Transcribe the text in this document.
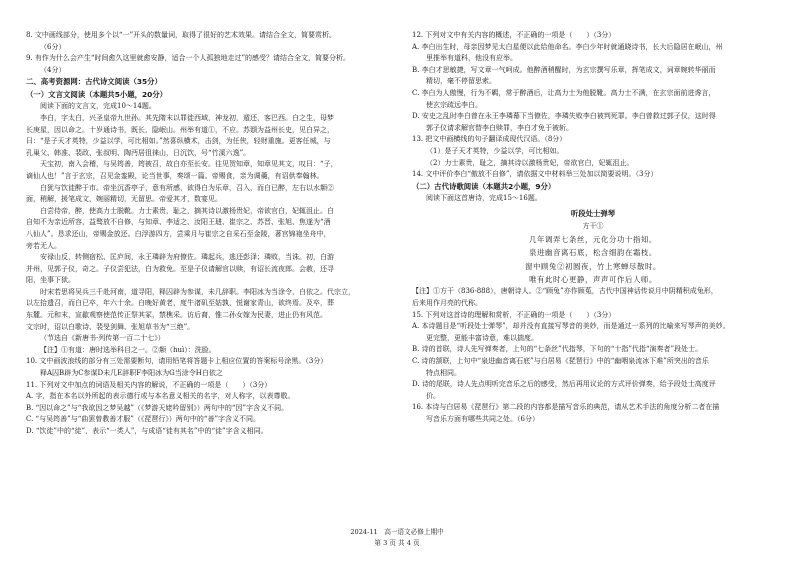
8. 文中画线部分，使用多个以“一”开头的数量词，取得了很好的艺术效果。请结合全文，简要赏析。

（6分）

9. 有作为什么会产生“时间愈久这里就愈安静，适合一个人孤独地走过”的感受？请结合全文，简要分析。

（4分）

二、高考资源网：古代诗文阅读（35分）

（一）文言文阅读（本题共5小题，20分）

阅读下面的文言文，完成10～14题。

李白，字太白，兴圣皇帝九世孙。其先隋末以罪徙西域，神龙初，遁还，客巴西。白之生，母梦

长庚星，因以命之。十岁通诗书，既长，隐岷山。州举有道①，不应。苏颋为益州长史，见白异之，

曰：“是子天才英特，少益以学，可比相如。”然喜纵横术，击剑，为任侠，轻财重施。更客任城，与

孔巢父、韩准、裴政、张叔明、陶沔居徂徕山，日沉饮，号“竹溪六逸”。

天宝初，南入会稽，与吴筠善，筠被召，故白亦至长安。往见贺知章，知章见其文，叹曰：“子，

谪仙人也！”言于玄宗，召见金銮殿，论当世事，奏颂一篇。帝赐食，亲为调羹，有诏供奉翰林。

白犹与饮徒醉于市。帝坐沉香亭子，意有所感，欲得白为乐章，召入，而白已醉，左右以水颒②

面，稍解，援笔成文，婉丽精切，无留思。帝爱其才，数宴见。

白尝侍帝，醉，使高力士脱靴。力士素贵，耻之，摘其诗以激杨贵妃，帝欲官白，妃辄沮止。白

自知不为亲近所容，益骜放不自修，与知章、李适之、汝阳王琎、崔宗之、苏晋、张旭、焦遂为“酒

八仙人”。恳求还山，帝赐金放还。白浮游四方，尝乘月与崔宗之自采石至金陵，著宫锦袍坐舟中，

旁若无人。

安禄山反，转侧宿松、匡庐间，永王璘辟为府僚佐。璘起兵，逃还彭泽；璘败，当诛。初，白游

并州，见郭子仪，奇之。子仪尝犯法，白为救免。至是子仪请解官以赎，有诏长流夜郎。会赦，还寻

阳，坐事下狱。

时宋若思将吴兵三千赴河南，道寻阳，释囚辟为参谋，未几辞职。李阳冰为当涂令，白依之。代宗立，

以左拾遗召，而白已卒，年六十余。白晚好黄老，度牛渚矶至姑孰，悦谢家青山，欲终焉。及卒，葬

东麓。元和末，宣歙观察使范传正祭其冢，禁樵采。访后裔，惟二孙女嫁为民妻，进止仍有风范。

文宗时，诏以白歌诗、裴旻剑舞、张旭草书为“三绝”。

（节选自《新唐书·列传第一百二十七》）

【注】①有道：唐时选举科目之一。②颒（huì）：洗脸。

10. 文中画波浪线的部分有三处需要断句，请用铅笔将答题卡上相应位置的答案标号涂黑。（3分）

释A囚B辟为C参谋D未几E辞职F李阳冰为G当涂令H白依之

11. 下列对文中加点的词语及相关内容的解说，不正确的一项是（　　）（3分）

A. 字，指在本名以外所起的表示德行或与本名意义相关的名字，对人称字，以表尊敬。

B. “因以命之”与“我欲因之梦吴越”（《梦游天姥吟留别》）两句中的“因”字含义不同。

C. “与吴筠善”与“曲罢曾教善才服”（《琵琶行》）两句中的“善”字含义不同。

D. “饮徒”中的“徒”，表示“一类人”，与成语“徒有其名”中的“徒”字含义相同。

12. 下列对文中有关内容的概述，不正确的一项是（　　）（3分）

A. 李白出生时，母亲因梦见太白星便以此给他命名。李白少年时就通晓诗书，长大后隐居在岷山，州

里推举有道科，他没有应举。

B. 李白才思敏捷，写文章一气呵成。他醉酒稍醒时，为玄宗撰写乐章，挥笔成文，词章婉转华丽而

精切，毫不停留思索。

C. 李白为人傲慢，行为不羁，常于醉酒后，让高力士为他脱靴。高力士不满，在玄宗面前进谗言，

使玄宗疏远李白。

D. 安史之乱时李白曾在永王李璘幕下当僚佐，李璘失败李白被判死罪。李白曾救过郭子仪，这时得

郭子仪请求解官替李白赎罪，李白才免于被斩。

13. 把文中画横线的句子翻译成现代汉语。（8分）

（1）是子天才英特，少益以学，可比相如。

（2）力士素贵，耻之，摘其诗以激杨贵妃，帝欲官白，妃辄沮止。

14. 文中评价李白“傲放不自修”，请依据文中材料举三处加以简要说明。（3分）

（二）古代诗歌阅读（本题共2小题，9分）

阅读下面这首唐诗，完成15～16题。

听段处士弹琴

方干①

几年调弄七条丝，元化分功十指知。

泉进幽音离石底，松含细韵在霜枝。

窗中顾兔②初圆夜，竹上寒蝉尽散时。

唯有此时心更静，声声可作后人师。

【注】①方干（836-888），唐朝诗人。②“顾兔”亦作顾菟，古代中国神话传说月中阴精积成兔形，

后来用作月亮的代称。

15. 下列对这首诗的理解和赏析，不正确的一项是（　　）（3分）

A. 本诗题目是“听段处士弹琴”，却并没有直接写琴音的美妙，而是通过一系列的比喻来写琴声的美妙。

更完整，更能丰富诗意，难以揣度。

B. 诗的首联，诗人先写弹奏者，上句的“七条丝”代指琴，下句的“十指”代指“演奏者”段处士。

C. 诗的颔联，上句中“泉进幽音离石底”与白居易《琵琶行》中的“幽咽泉流冰下难”所突出的音乐

特点相同。

D. 诗的尾联，诗人先点明听完音乐之后的感受，然后再用议论的方式评价弹奏，给予段处士高度评

价。

16. 本诗与白居易《琵琶行》第二段的内容都是描写音乐的典范，请从艺术手法的角度分析二者在描

写音乐方面有哪些共同之处。（6分）

2024-11　高一语文必修上期中
第 3 页 共 4 页
